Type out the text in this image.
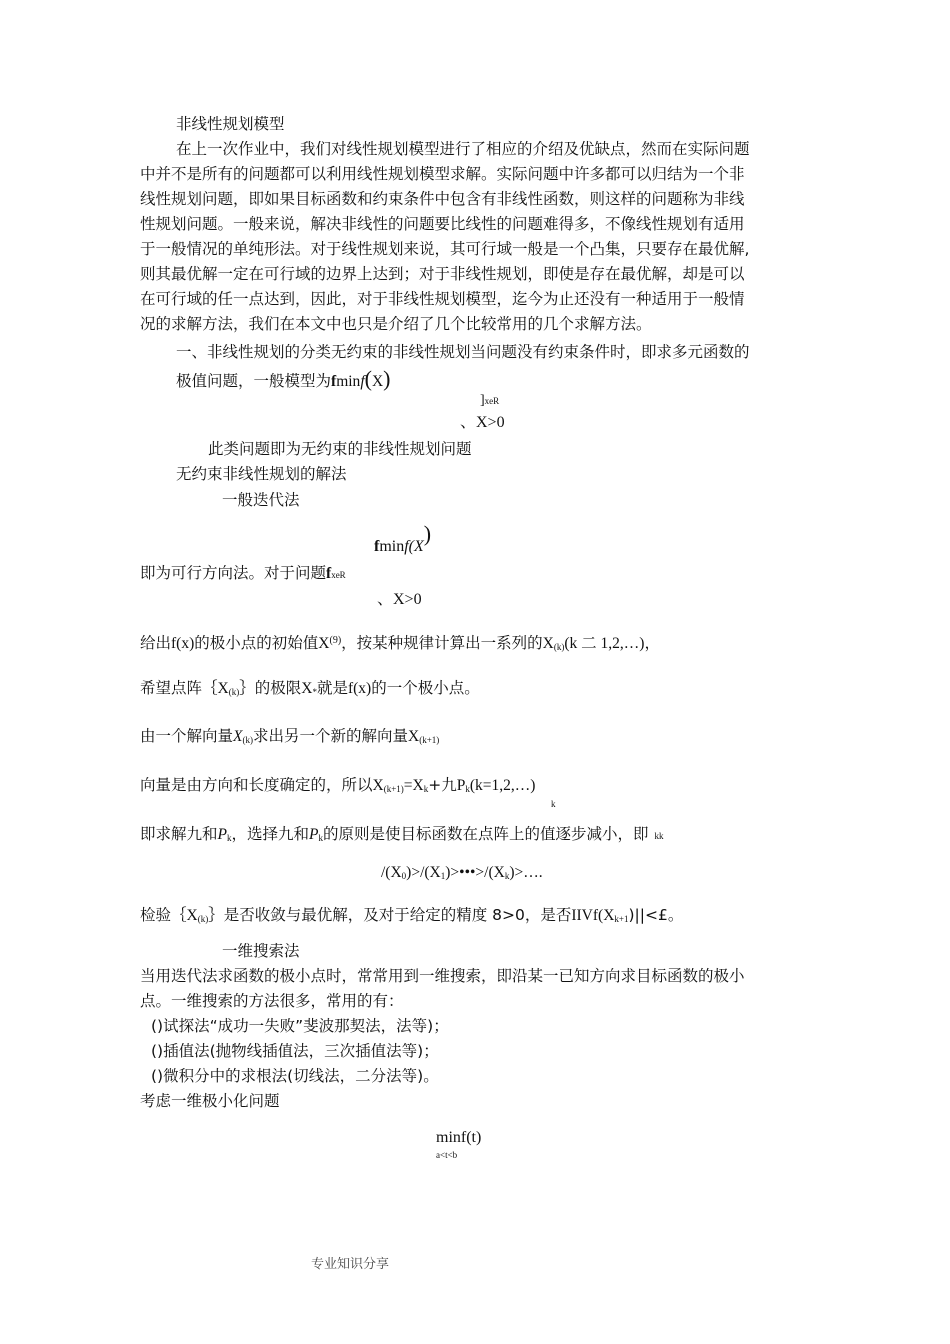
非线性规划模型
在上一次作业中，我们对线性规划模型进行了相应的介绍及优缺点，然而在实际问题
中并不是所有的问题都可以利用线性规划模型求解。实际问题中许多都可以归结为一个非
线性规划问题，即如果目标函数和约束条件中包含有非线性函数，则这样的问题称为非线
性规划问题。一般来说，解决非线性的问题要比线性的问题难得多，不像线性规划有适用
于一般情况的单纯形法。对于线性规划来说，其可行域一般是一个凸集，只要存在最优解,
则其最优解一定在可行域的边界上达到；对于非线性规划，即使是存在最优解，却是可以
在可行域的任一点达到，因此，对于非线性规划模型，迄今为止还没有一种适用于一般情
况的求解方法，我们在本文中也只是介绍了几个比较常用的几个求解方法。
一、非线性规划的分类无约束的非线性规划当问题没有约束条件时，即求多元函数的
极值问题，一般模型为fminf(X)
]xeR
、X>0
此类问题即为无约束的非线性规划问题
无约束非线性规划的解法
一般迭代法
fminf(X)
即为可行方向法。对于问题fxeR
、X>0
给出f(x)的极小点的初始值$X^{(9)}$，按某种规律计算出一系列的$X_{(k)}(k$ 二 1,2,…)，
希望点阵$\{X_{(k)}\}$的极限$X_*$就是f(x)的一个极小点。
由一个解向量$X_{(k)}$求出另一个新的解向量$X_{(k+1)}$
向量是由方向和长度确定的，所以$X_{(k+1)}=X_k+$九$P_k(k=1,2,\dots)$
k
即求解九和$P_k$，选择九和$P_k$的原则是使目标函数在点阵上的值逐步减小，即 kk
$/(X_0)>/(X_1)>•••>/(X_k)>\dots$.
检验$\{X_{(k)}\}$是否收敛与最优解，及对于给定的精度 8>0，是否$IIVf(X_{k+1})||<£$。
一维搜索法
当用迭代法求函数的极小点时，常常用到一维搜索，即沿某一已知方向求目标函数的极小
点。一维搜索的方法很多，常用的有：
()试探法“成功一失败”斐波那契法，法等)；
()插值法(抛物线插值法，三次插值法等)；
()微积分中的求根法(切线法，二分法等)。
考虑一维极小化问题
minf(t)
a<t<b
专业知识分享
